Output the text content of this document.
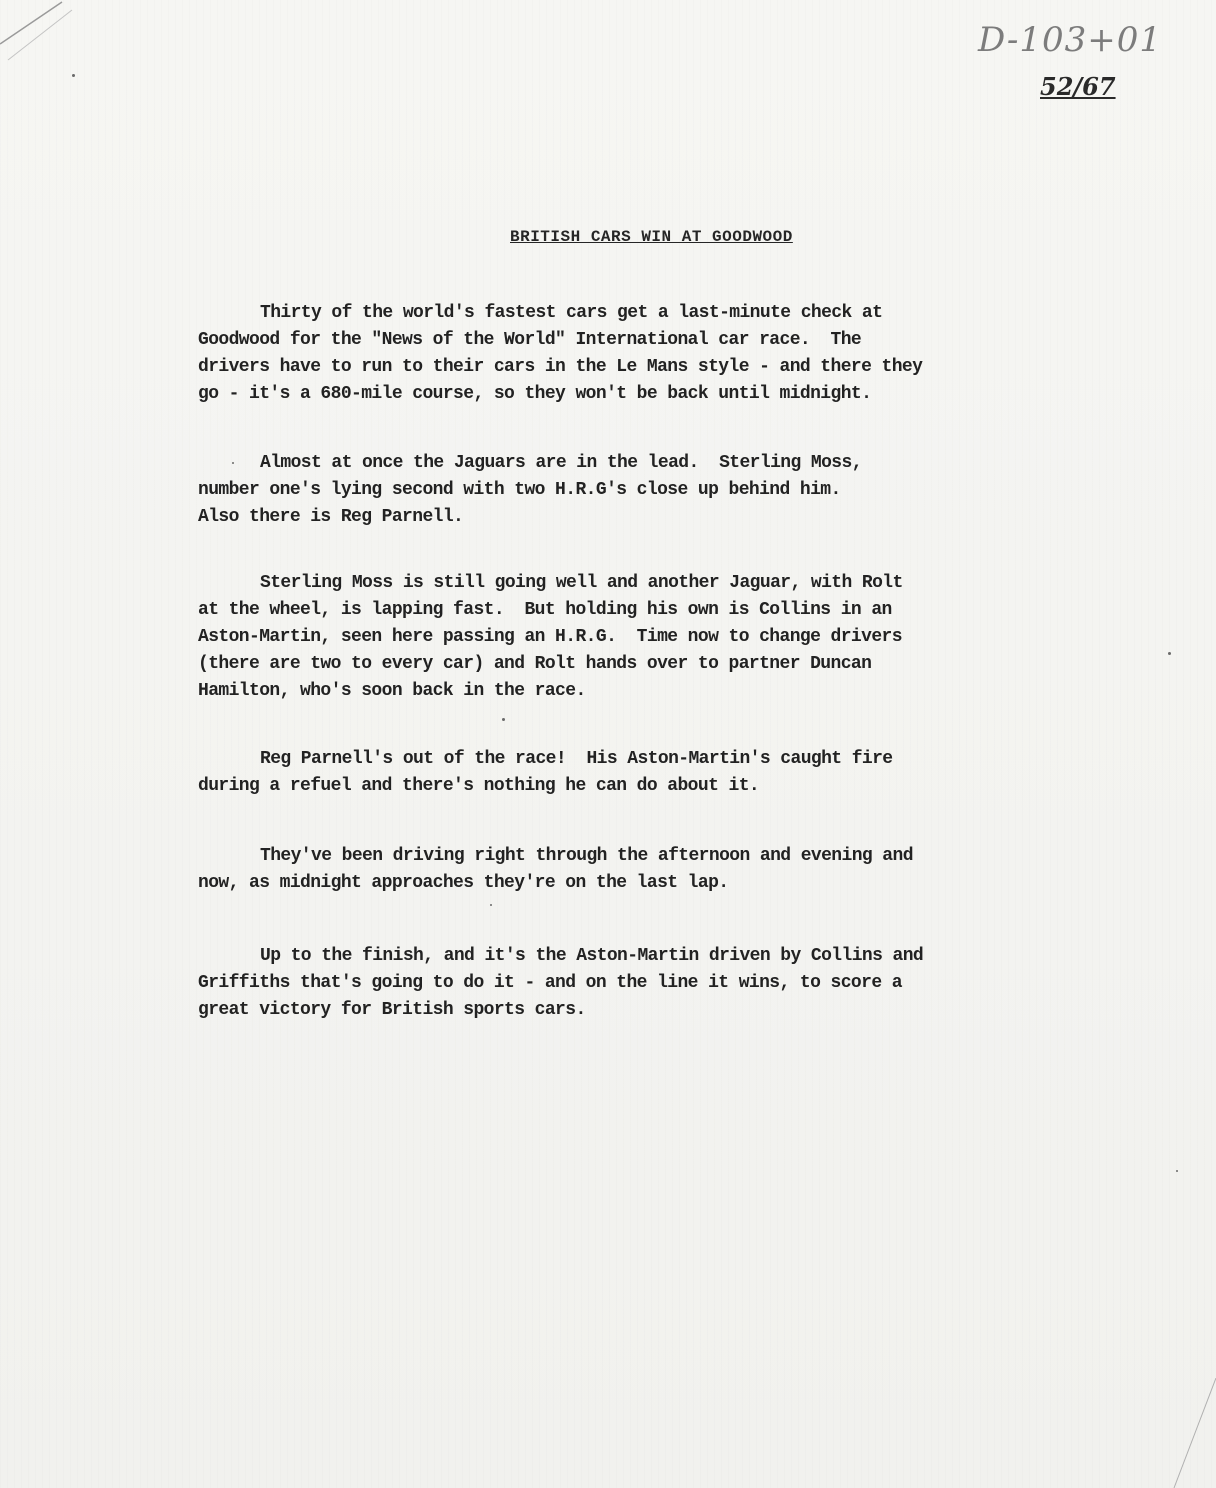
D-103+01
52/67
BRITISH CARS WIN AT GOODWOOD
Thirty of the world's fastest cars get a last-minute check at
Goodwood for the "News of the World" International car race.  The
drivers have to run to their cars in the Le Mans style - and there they
go - it's a 680-mile course, so they won't be back until midnight.
Almost at once the Jaguars are in the lead.  Sterling Moss,
number one's lying second with two H.R.G's close up behind him.
Also there is Reg Parnell.
Sterling Moss is still going well and another Jaguar, with Rolt
at the wheel, is lapping fast.  But holding his own is Collins in an
Aston-Martin, seen here passing an H.R.G.  Time now to change drivers
(there are two to every car) and Rolt hands over to partner Duncan
Hamilton, who's soon back in the race.
Reg Parnell's out of the race!  His Aston-Martin's caught fire
during a refuel and there's nothing he can do about it.
They've been driving right through the afternoon and evening and
now, as midnight approaches they're on the last lap.
Up to the finish, and it's the Aston-Martin driven by Collins and
Griffiths that's going to do it - and on the line it wins, to score a
great victory for British sports cars.
